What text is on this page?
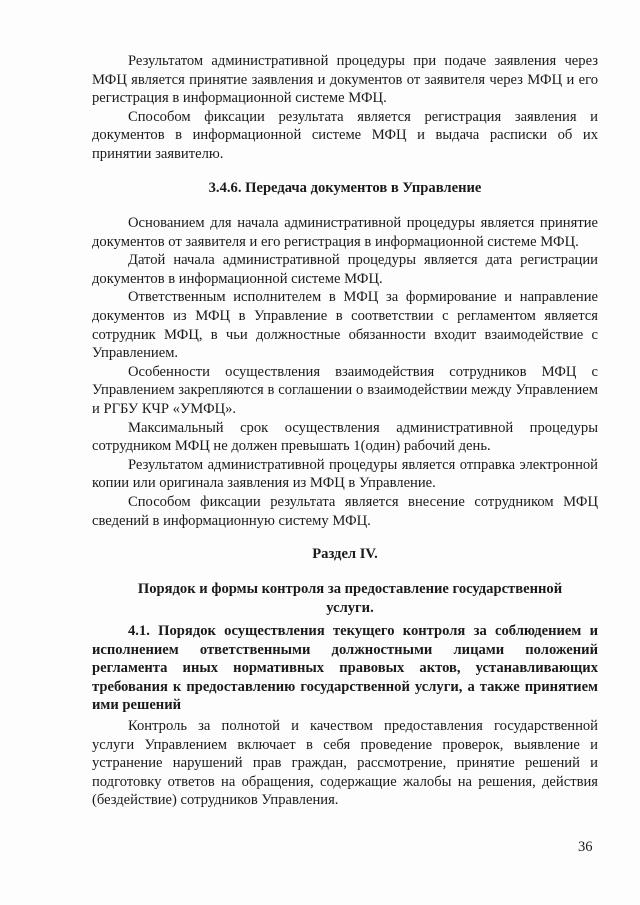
Результатом административной процедуры при подаче заявления через МФЦ является принятие заявления и документов от заявителя через МФЦ и его регистрация в информационной системе МФЦ.

Способом фиксации результата является регистрация заявления и документов в информационной системе МФЦ и выдача расписки об их принятии заявителю.

3.4.6. Передача документов в Управление

Основанием для начала административной процедуры является принятие документов от заявителя и его регистрация в информационной системе МФЦ.

Датой начала административной процедуры является дата регистрации документов в информационной системе МФЦ.

Ответственным исполнителем в МФЦ за формирование и направление документов из МФЦ в Управление в соответствии с регламентом является сотрудник МФЦ, в чьи должностные обязанности входит взаимодействие с Управлением.

Особенности осуществления взаимодействия сотрудников МФЦ с Управлением закрепляются в соглашении о взаимодействии между Управлением и РГБУ КЧР «УМФЦ».

Максимальный срок осуществления административной процедуры сотрудником МФЦ не должен превышать 1(один) рабочий день.

Результатом административной процедуры является отправка электронной копии или оригинала заявления из МФЦ в Управление.

Способом фиксации результата является внесение сотрудником МФЦ сведений в информационную систему МФЦ.

Раздел IV.

Порядок и формы контроля за предоставление государственной услуги.

4.1. Порядок осуществления текущего контроля за соблюдением и исполнением ответственными должностными лицами положений регламента иных нормативных правовых актов, устанавливающих требования к предоставлению государственной услуги, а также принятием ими решений

Контроль за полнотой и качеством предоставления государственной услуги Управлением включает в себя проведение проверок, выявление и устранение нарушений прав граждан, рассмотрение, принятие решений и подготовку ответов на обращения, содержащие жалобы на решения, действия (бездействие) сотрудников Управления.

36
